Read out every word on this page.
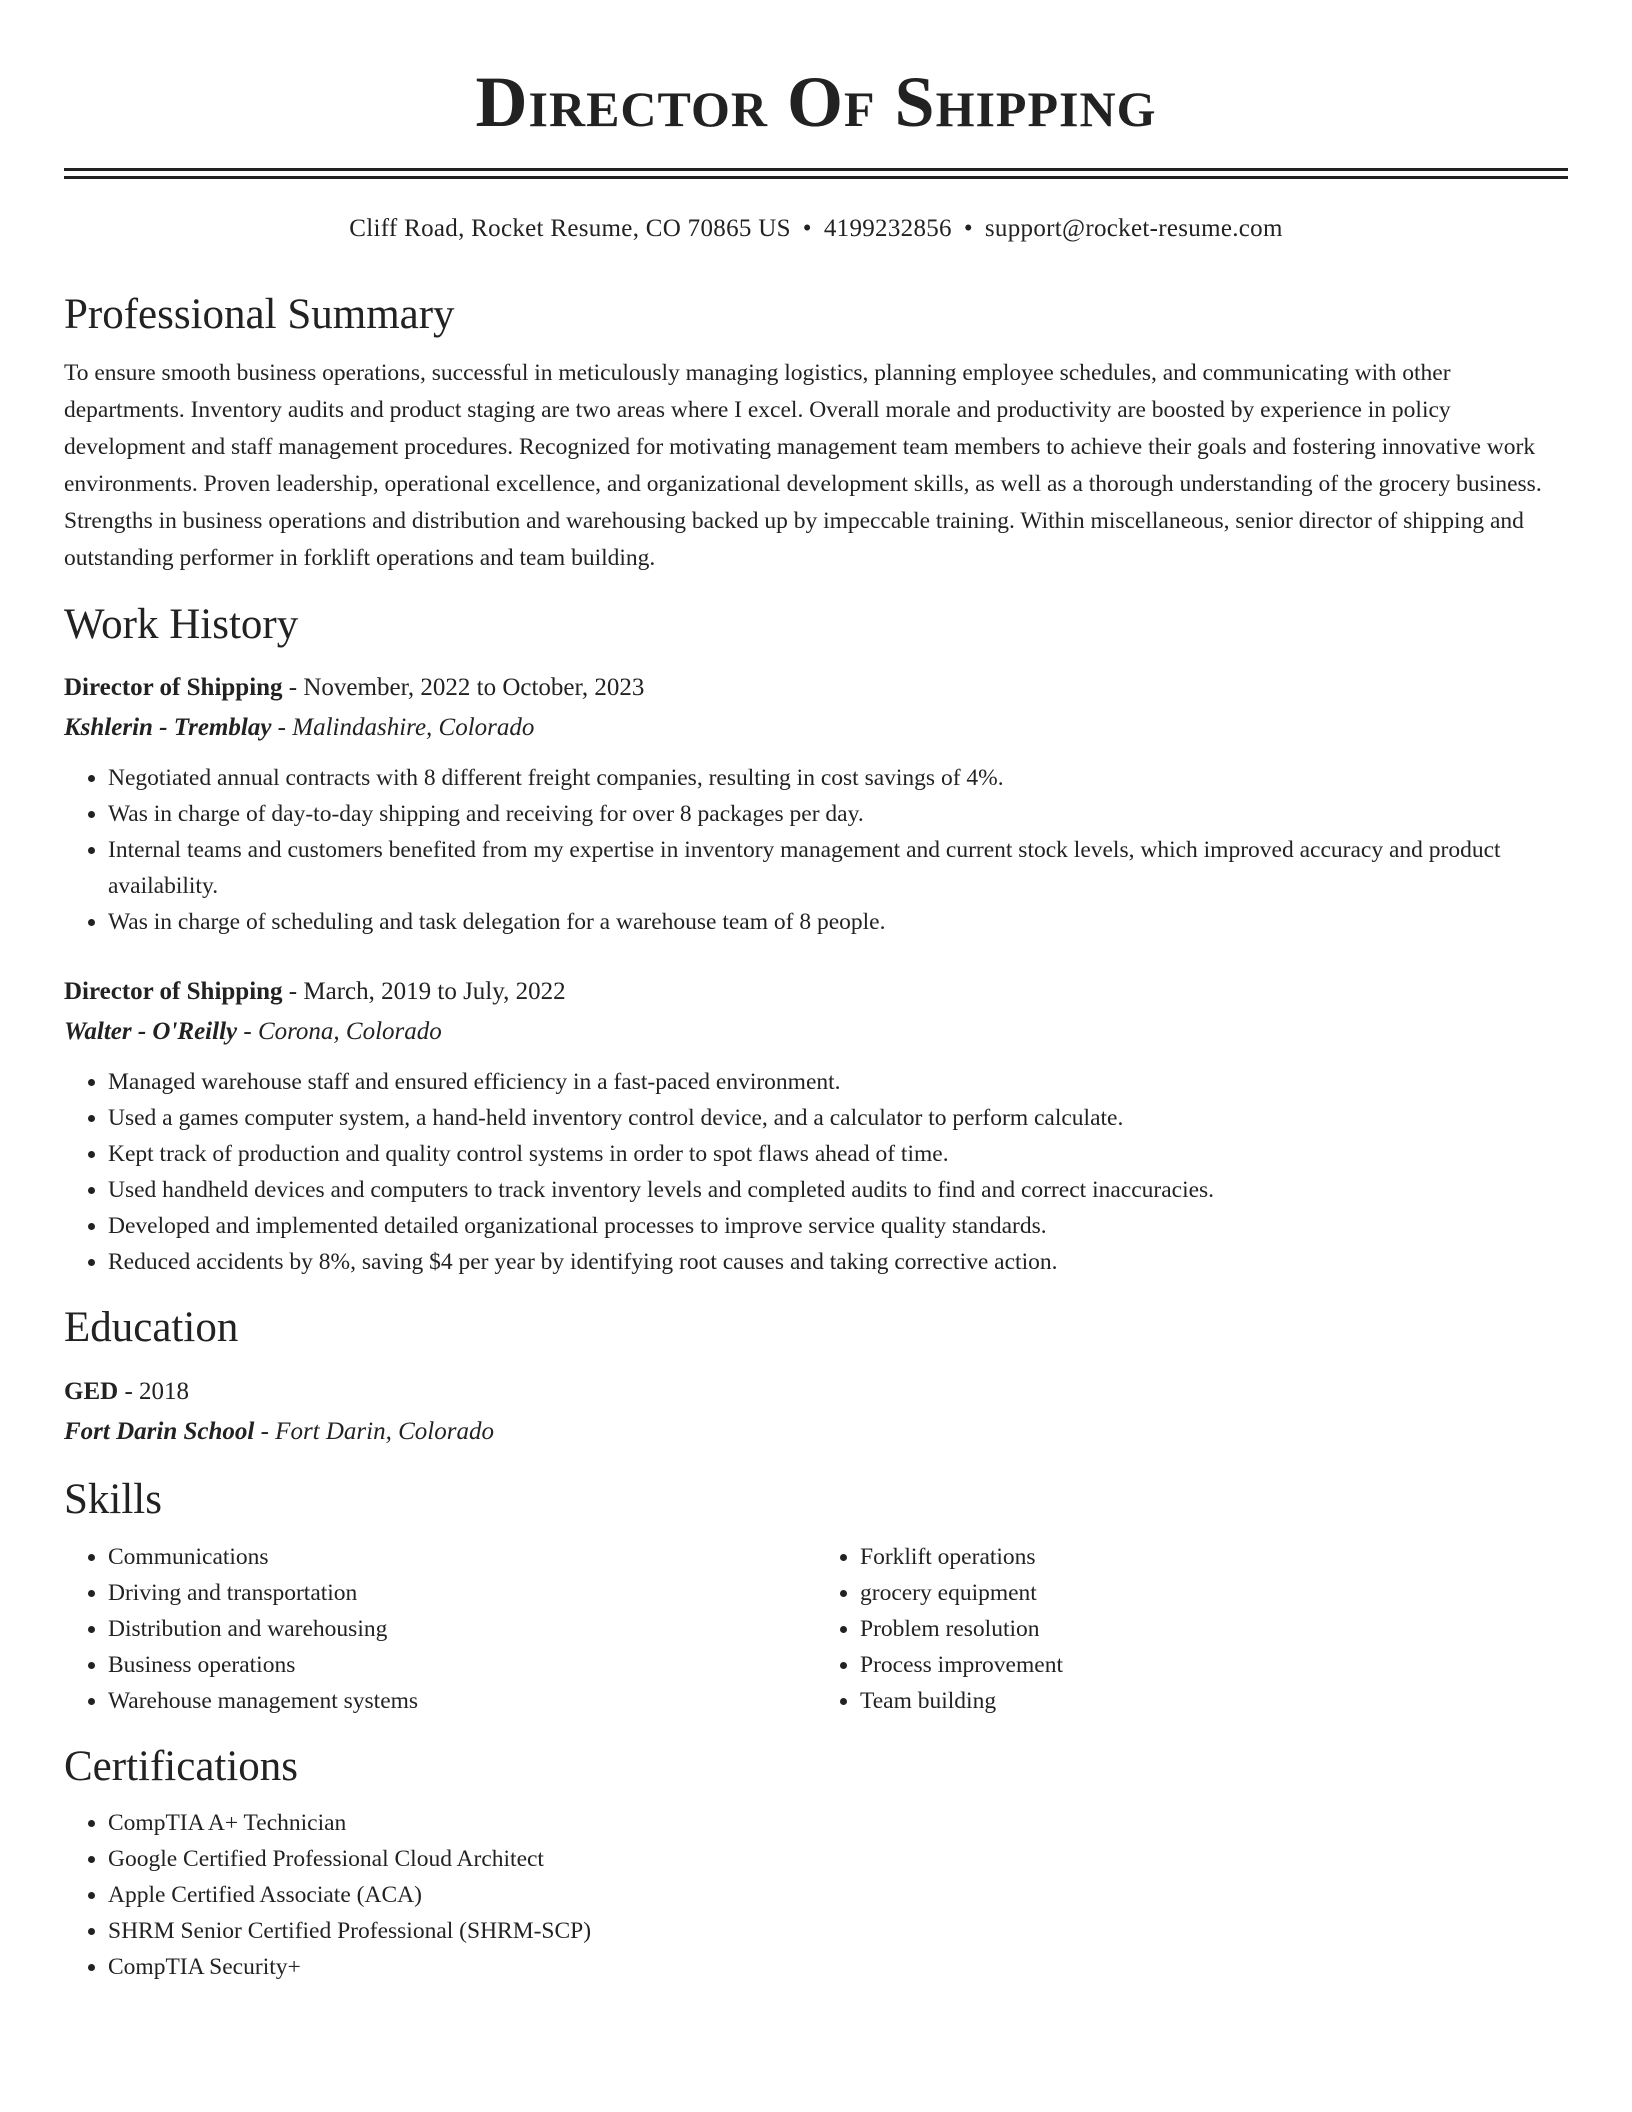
Director Of Shipping
Cliff Road, Rocket Resume, CO 70865 US • 4199232856 • support@rocket-resume.com
Professional Summary

To ensure smooth business operations, successful in meticulously managing logistics, planning employee schedules, and communicating with other departments. Inventory audits and product staging are two areas where I excel. Overall morale and productivity are boosted by experience in policy development and staff management procedures. Recognized for motivating management team members to achieve their goals and fostering innovative work environments. Proven leadership, operational excellence, and organizational development skills, as well as a thorough understanding of the grocery business. Strengths in business operations and distribution and warehousing backed up by impeccable training. Within miscellaneous, senior director of shipping and outstanding performer in forklift operations and team building.

Work History
Director of Shipping - November, 2022 to October, 2023
Kshlerin - Tremblay - Malindashire, Colorado
• Negotiated annual contracts with 8 different freight companies, resulting in cost savings of 4%.
• Was in charge of day-to-day shipping and receiving for over 8 packages per day.
• Internal teams and customers benefited from my expertise in inventory management and current stock levels, which improved accuracy and product availability.
• Was in charge of scheduling and task delegation for a warehouse team of 8 people.
Director of Shipping - March, 2019 to July, 2022
Walter - O'Reilly - Corona, Colorado
• Managed warehouse staff and ensured efficiency in a fast-paced environment.
• Used a games computer system, a hand-held inventory control device, and a calculator to perform calculate.
• Kept track of production and quality control systems in order to spot flaws ahead of time.
• Used handheld devices and computers to track inventory levels and completed audits to find and correct inaccuracies.
• Developed and implemented detailed organizational processes to improve service quality standards.
• Reduced accidents by 8%, saving $4 per year by identifying root causes and taking corrective action.
Education
GED - 2018
Fort Darin School - Fort Darin, Colorado
Skills
• Communications
• Driving and transportation
• Distribution and warehousing
• Business operations
• Warehouse management systems
• Forklift operations
• grocery equipment
• Problem resolution
• Process improvement
• Team building
Certifications
• CompTIA A+ Technician
• Google Certified Professional Cloud Architect
• Apple Certified Associate (ACA)
• SHRM Senior Certified Professional (SHRM-SCP)
• CompTIA Security+
